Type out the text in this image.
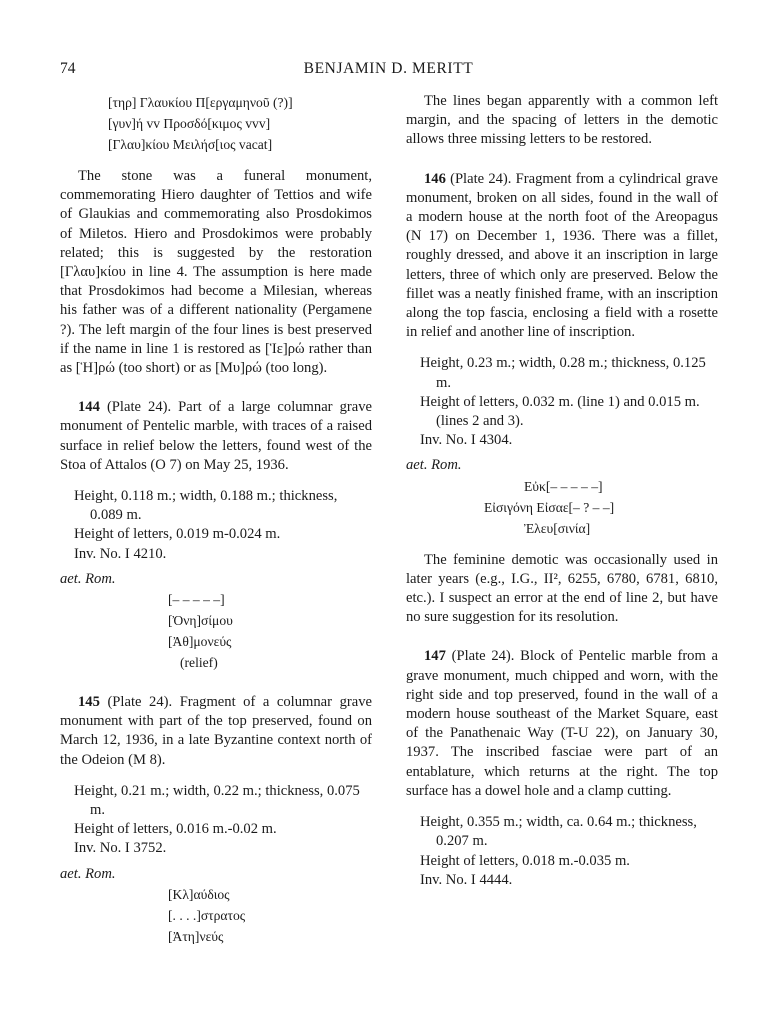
74	BENJAMIN D. MERITT
[τηρ] Γλαυκίου Π[εργαμηνοῦ (?)]
[γυν]ή vv Προσδό[κιμος vvv]
[Γλαυ]κίου Μειλήσ[ιος vacat]

The stone was a funeral monument, commemorating Hiero daughter of Tettios and wife of Glaukias and commemorating also Prosdokimos of Miletos. Hiero and Prosdokimos were probably related; this is suggested by the restoration [Γλαυ]κίου in line 4. The assumption is here made that Prosdokimos had become a Milesian, whereas his father was of a different nationality (Pergamene ?). The left margin of the four lines is best preserved if the name in line 1 is restored as [Ἱε]ρώ rather than as [Ἡ]ρώ (too short) or as [Μυ]ρώ (too long).

144 (Plate 24). Part of a large columnar grave monument of Pentelic marble, with traces of a raised surface in relief below the letters, found west of the Stoa of Attalos (O 7) on May 25, 1936.

Height, 0.118 m.; width, 0.188 m.; thickness, 0.089 m.
Height of letters, 0.019 m-0.024 m.
Inv. No. I 4210.
aet. Rom.
[– – – – –]
[Ὀνη]σίμου
[Ἀθ]μονεύς
(relief)

145 (Plate 24). Fragment of a columnar grave monument with part of the top preserved, found on March 12, 1936, in a late Byzantine context north of the Odeion (M 8).

Height, 0.21 m.; width, 0.22 m.; thickness, 0.075 m.
Height of letters, 0.016 m.-0.02 m.
Inv. No. I 3752.
aet. Rom.
[Κλ]αύδιος
[. . . .]στρατος
[Ἀτη]νεύς

The lines began apparently with a common left margin, and the spacing of letters in the demotic allows three missing letters to be restored.

146 (Plate 24). Fragment from a cylindrical grave monument, broken on all sides, found in the wall of a modern house at the north foot of the Areopagus (N 17) on December 1, 1936. There was a fillet, roughly dressed, and above it an inscription in large letters, three of which only are preserved. Below the fillet was a neatly finished frame, with an inscription along the top fascia, enclosing a field with a rosette in relief and another line of inscription.

Height, 0.23 m.; width, 0.28 m.; thickness, 0.125 m.
Height of letters, 0.032 m. (line 1) and 0.015 m. (lines 2 and 3).
Inv. No. I 4304.
aet. Rom.
Εὐκ[– – – – –]
Εἰσιγόνη Εἰσαε[– ? – –]
Ἐλευ[σινία]

The feminine demotic was occasionally used in later years (e.g., I.G., II², 6255, 6780, 6781, 6810, etc.). I suspect an error at the end of line 2, but have no sure suggestion for its resolution.

147 (Plate 24). Block of Pentelic marble from a grave monument, much chipped and worn, with the right side and top preserved, found in the wall of a modern house southeast of the Market Square, east of the Panathenaic Way (T-U 22), on January 30, 1937. The inscribed fasciae were part of an entablature, which returns at the right. The top surface has a dowel hole and a clamp cutting.

Height, 0.355 m.; width, ca. 0.64 m.; thickness, 0.207 m.
Height of letters, 0.018 m.-0.035 m.
Inv. No. I 4444.
